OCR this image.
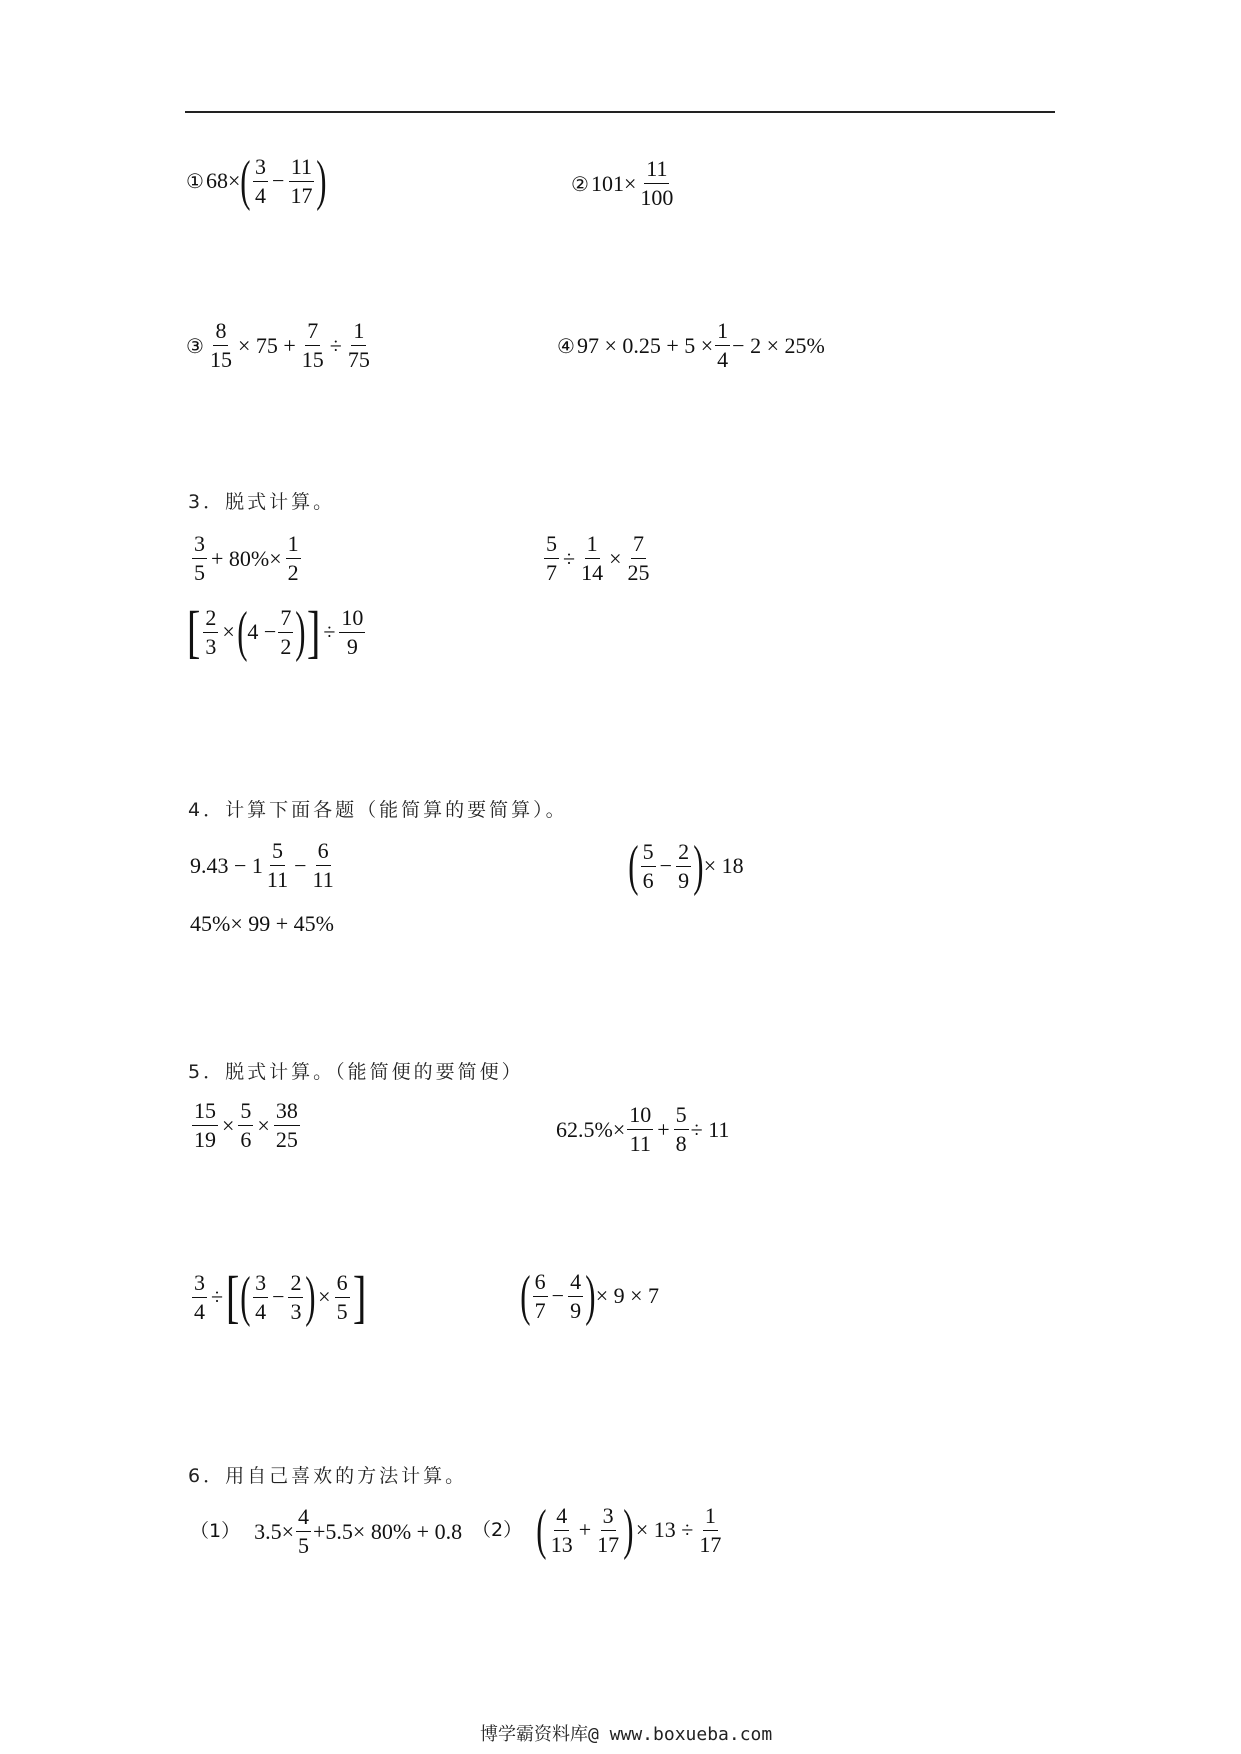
① 68× ( $\frac{3}{4} - \frac{11}{17}$ )	② $101\times \frac{11}{100}$
③ $\frac{8}{15} \times 75 + \frac{7}{15} \div \frac{1}{75}$	④ $97 \times 0.25 + 5 \times \frac{1}{4} - 2 \times 25\%$
3．脱式计算。
$\frac{3}{5} + 80\%\times \frac{1}{2}$	$\frac{5}{7} \div \frac{1}{14} \times \frac{7}{25}$
[ $\frac{2}{3}$ × ( $4 - \frac{7}{2}$ ) ] ÷ $\frac{10}{9}$
4．计算下面各题（能简算的要简算）。
$9.43 - 1 \frac{5}{11} - \frac{6}{11}$	( $\frac{5}{6} - \frac{2}{9}$ ) × 18
45%× 99 + 45%
5．脱式计算。（能简便的要简便）
$\frac{15}{19} \times \frac{5}{6} \times \frac{38}{25}$	$62.5\%\times \frac{10}{11} + \frac{5}{8} \div 11$
$\frac{3}{4}$ ÷ [ ( $\frac{3}{4} - \frac{2}{3}$ ) × $\frac{6}{5}$ ]	( $\frac{6}{7} - \frac{4}{9}$ ) × 9 × 7
6．用自己喜欢的方法计算。
（1） $3.5\times \frac{4}{5} +5.5\times 80\% + 0.8$ （2） ( $\frac{4}{13} + \frac{3}{17}$ ) × $13 \div \frac{1}{17}$
博学霸资料库@ www.boxueba.com
